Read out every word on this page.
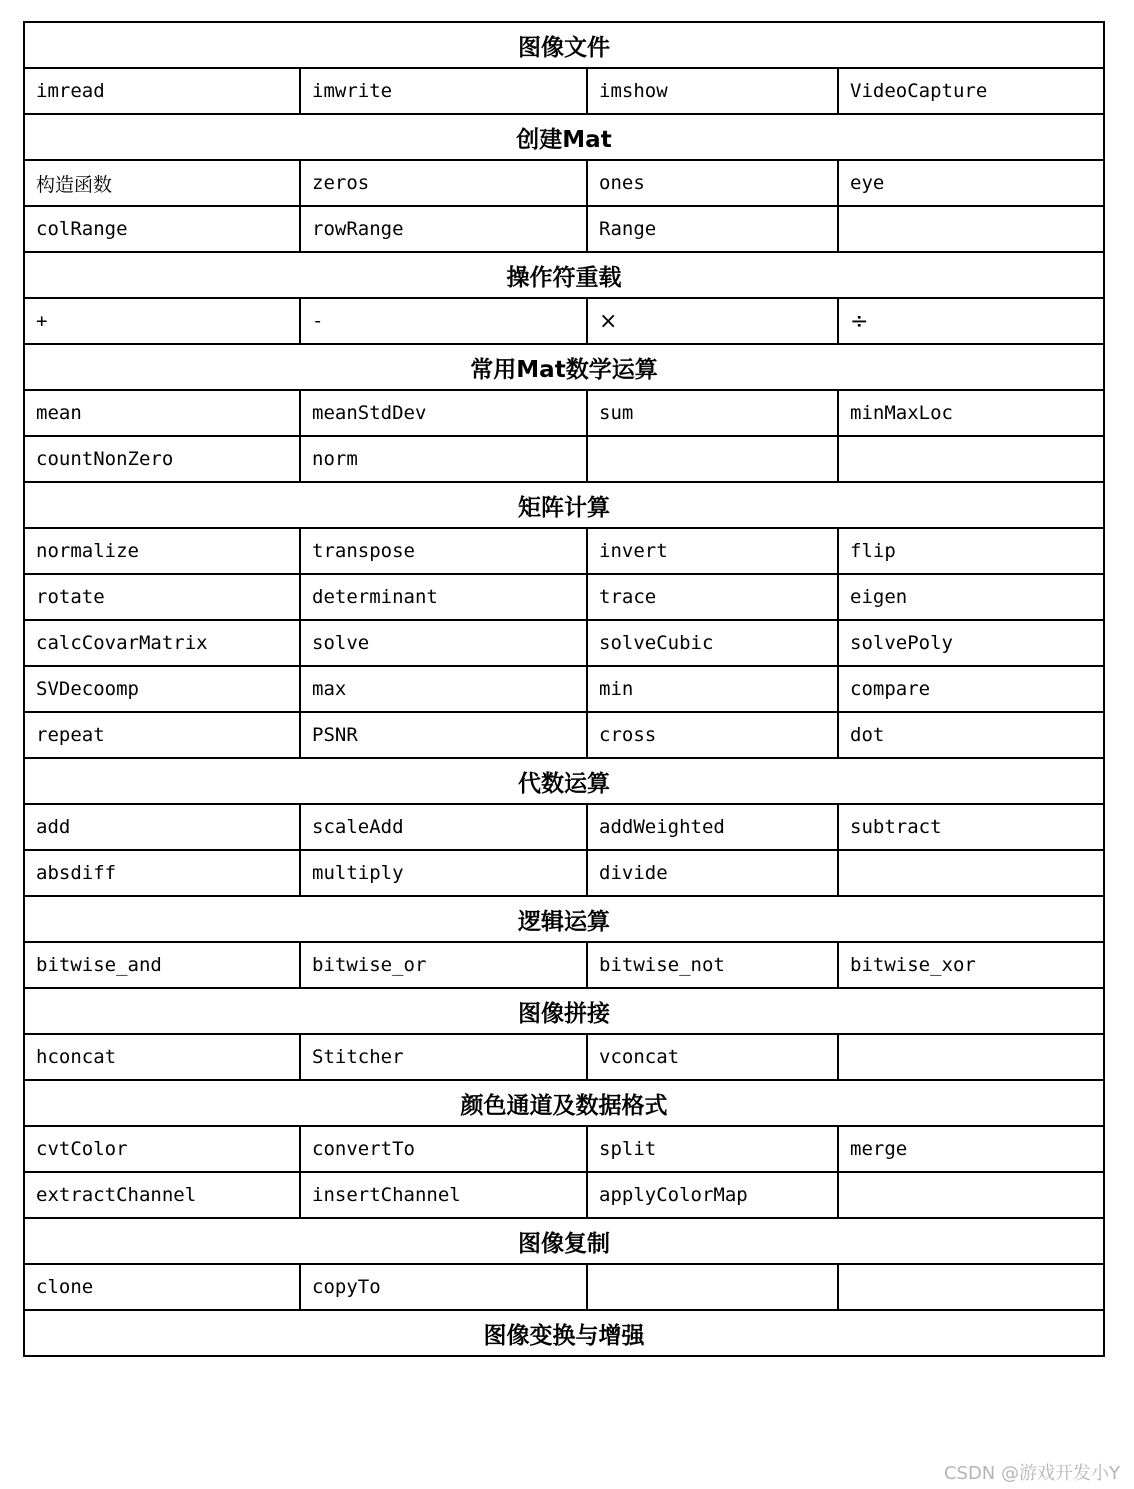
图像文件			
imread	imwrite	imshow	VideoCapture
创建Mat			
构造函数	zeros	ones	eye
colRange	rowRange	Range	
操作符重载			
+	-	×	÷
常用Mat数学运算			
mean	meanStdDev	sum	minMaxLoc
countNonZero	norm		
矩阵计算			
normalize	transpose	invert	flip
rotate	determinant	trace	eigen
calcCovarMatrix	solve	solveCubic	solvePoly
SVDecoomp	max	min	compare
repeat	PSNR	cross	dot
代数运算			
add	scaleAdd	addWeighted	subtract
absdiff	multiply	divide	
逻辑运算			
bitwise_and	bitwise_or	bitwise_not	bitwise_xor
图像拼接			
hconcat	Stitcher	vconcat	
颜色通道及数据格式			
cvtColor	convertTo	split	merge
extractChannel	insertChannel	applyColorMap	
图像复制			
clone	copyTo		
图像变换与增强			
CSDN @游戏开发小Y
